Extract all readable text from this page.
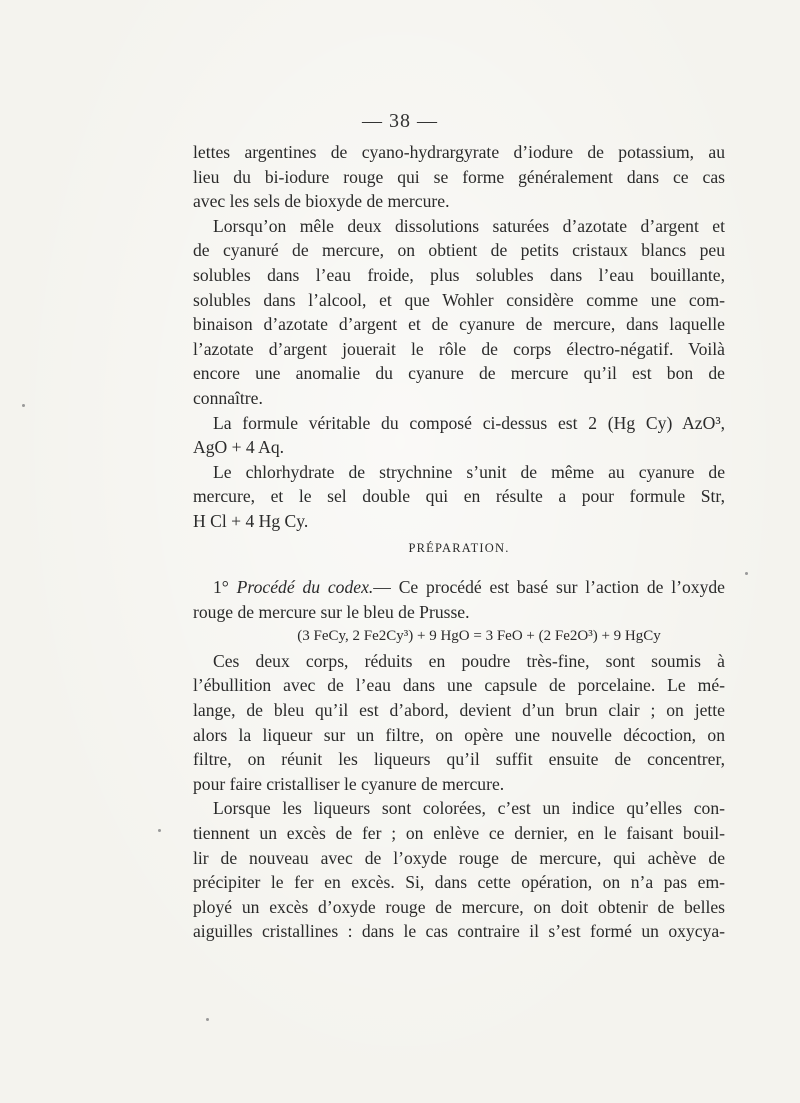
— 38 —
lettes argentines de cyano-hydrargyrate d’iodure de potassium, au
lieu du bi-iodure rouge qui se forme généralement dans ce cas
avec les sels de bioxyde de mercure.
Lorsqu’on mêle deux dissolutions saturées d’azotate d’argent et
de cyanuré de mercure, on obtient de petits cristaux blancs peu
solubles dans l’eau froide, plus solubles dans l’eau bouillante,
solubles dans l’alcool, et que Wohler considère comme une com-
binaison d’azotate d’argent et de cyanure de mercure, dans laquelle
l’azotate d’argent jouerait le rôle de corps électro-négatif. Voilà
encore une anomalie du cyanure de mercure qu’il est bon de
connaître.
La formule véritable du composé ci-dessus est 2 (Hg Cy) AzO³,
AgO + 4 Aq.
Le chlorhydrate de strychnine s’unit de même au cyanure de
mercure, et le sel double qui en résulte a pour formule Str,
H Cl + 4 Hg Cy.
PRÉPARATION.
1° Procédé du codex.— Ce procédé est basé sur l’action de l’oxyde
rouge de mercure sur le bleu de Prusse.
(3 FeCy, 2 Fe2Cy³) + 9 HgO = 3 FeO + (2 Fe2O³) + 9 HgCy
Ces deux corps, réduits en poudre très-fine, sont soumis à
l’ébullition avec de l’eau dans une capsule de porcelaine. Le mé-
lange, de bleu qu’il est d’abord, devient d’un brun clair ; on jette
alors la liqueur sur un filtre, on opère une nouvelle décoction, on
filtre, on réunit les liqueurs qu’il suffit ensuite de concentrer,
pour faire cristalliser le cyanure de mercure.
Lorsque les liqueurs sont colorées, c’est un indice qu’elles con-
tiennent un excès de fer ; on enlève ce dernier, en le faisant bouil-
lir de nouveau avec de l’oxyde rouge de mercure, qui achève de
précipiter le fer en excès. Si, dans cette opération, on n’a pas em-
ployé un excès d’oxyde rouge de mercure, on doit obtenir de belles
aiguilles cristallines : dans le cas contraire il s’est formé un oxycya-
